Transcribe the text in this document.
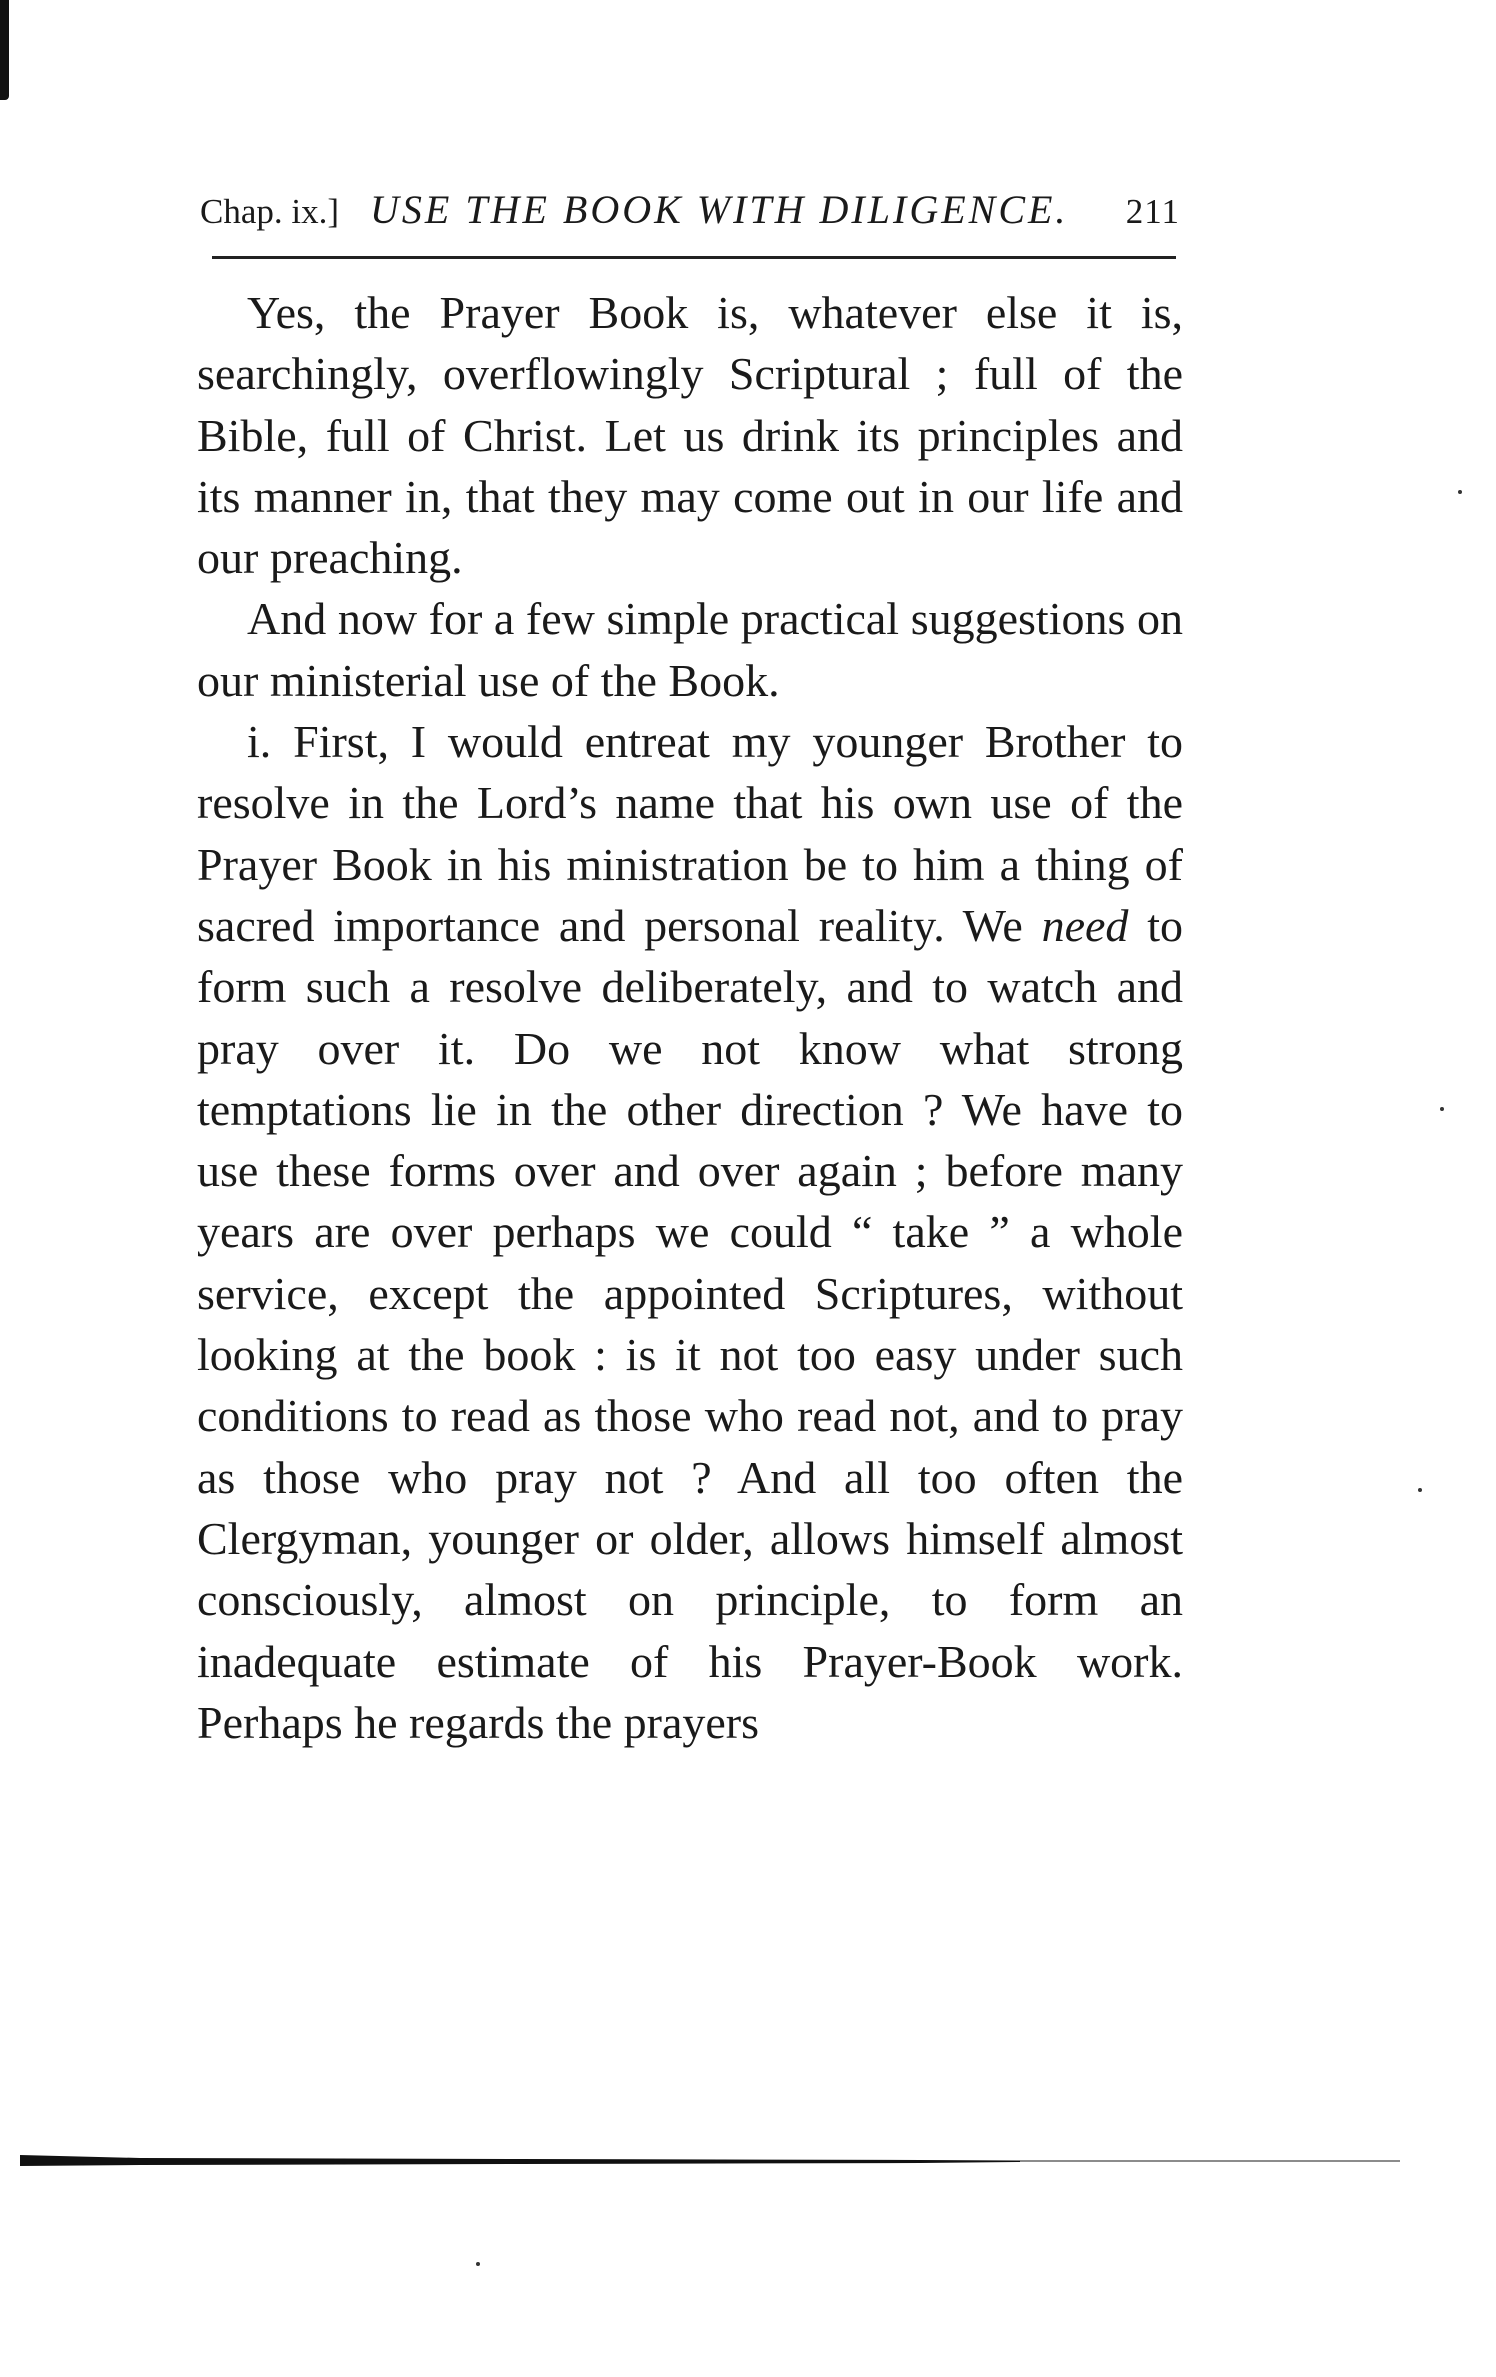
Chap. ix.] USE THE BOOK WITH DILIGENCE. 211

Yes, the Prayer Book is, whatever else it is, searchingly, overflowingly Scriptural ; full of the Bible, full of Christ. Let us drink its principles and its manner in, that they may come out in our life and our preaching.

And now for a few simple practical suggestions on our ministerial use of the Book.

i. First, I would entreat my younger Brother to resolve in the Lord’s name that his own use of the Prayer Book in his ministration be to him a thing of sacred importance and personal reality. We need to form such a resolve deliberately, and to watch and pray over it. Do we not know what strong temptations lie in the other direction ? We have to use these forms over and over again ; before many years are over perhaps we could “ take ” a whole service, except the appointed Scriptures, without looking at the book : is it not too easy under such conditions to read as those who read not, and to pray as those who pray not ? And all too often the Clergyman, younger or older, allows himself almost consciously, almost on principle, to form an inadequate estimate of his Prayer-Book work. Perhaps he regards the prayers
